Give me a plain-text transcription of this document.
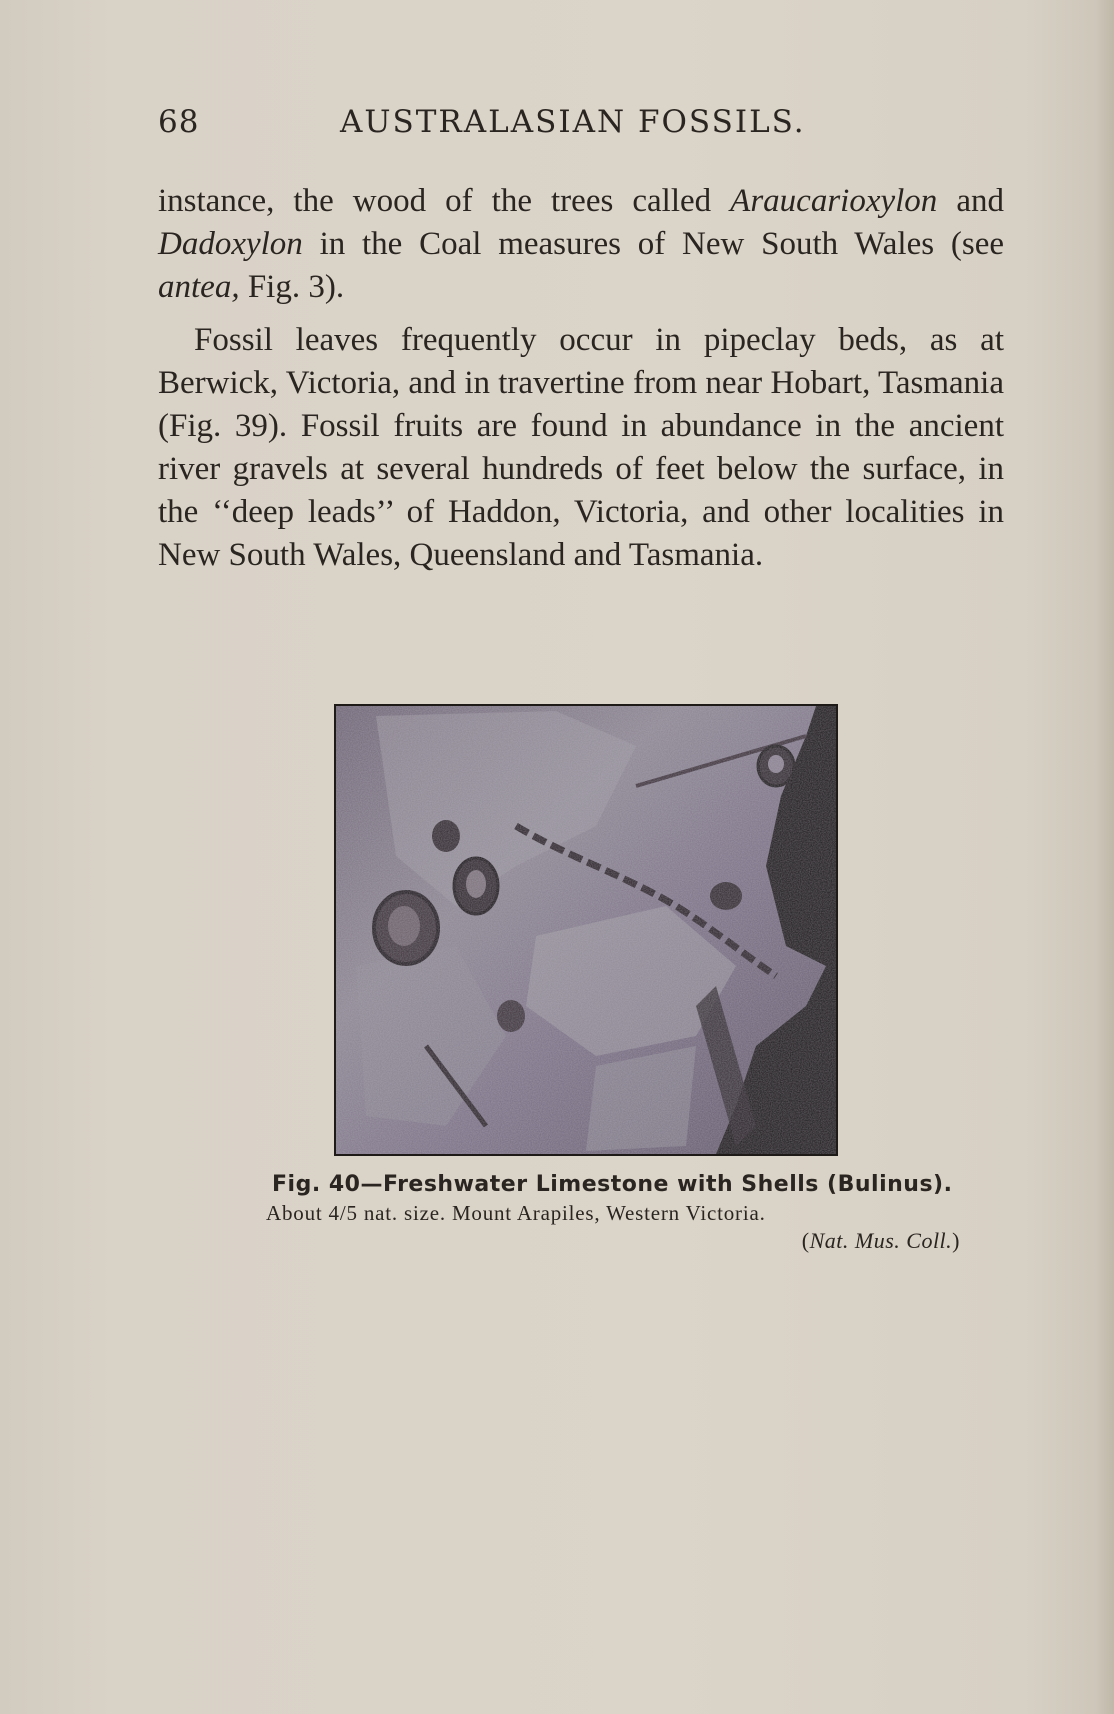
68	AUSTRALASIAN FOSSILS.

instance, the wood of the trees called Araucarioxylon and Dadoxylon in the Coal measures of New South Wales (see antea, Fig. 3).

Fossil leaves frequently occur in pipeclay beds, as at Berwick, Victoria, and in travertine from near Hobart, Tasmania (Fig. 39). Fossil fruits are found in abundance in the ancient river gravels at several hundreds of feet below the surface, in the ‘‘deep leads’’ of Haddon, Victoria, and other localities in New South Wales, Queensland and Tasmania.

Fig. 40—Freshwater Limestone with Shells (Bulinus).
About 4/5 nat. size. Mount Arapiles, Western Victoria.
(Nat. Mus. Coll.)
